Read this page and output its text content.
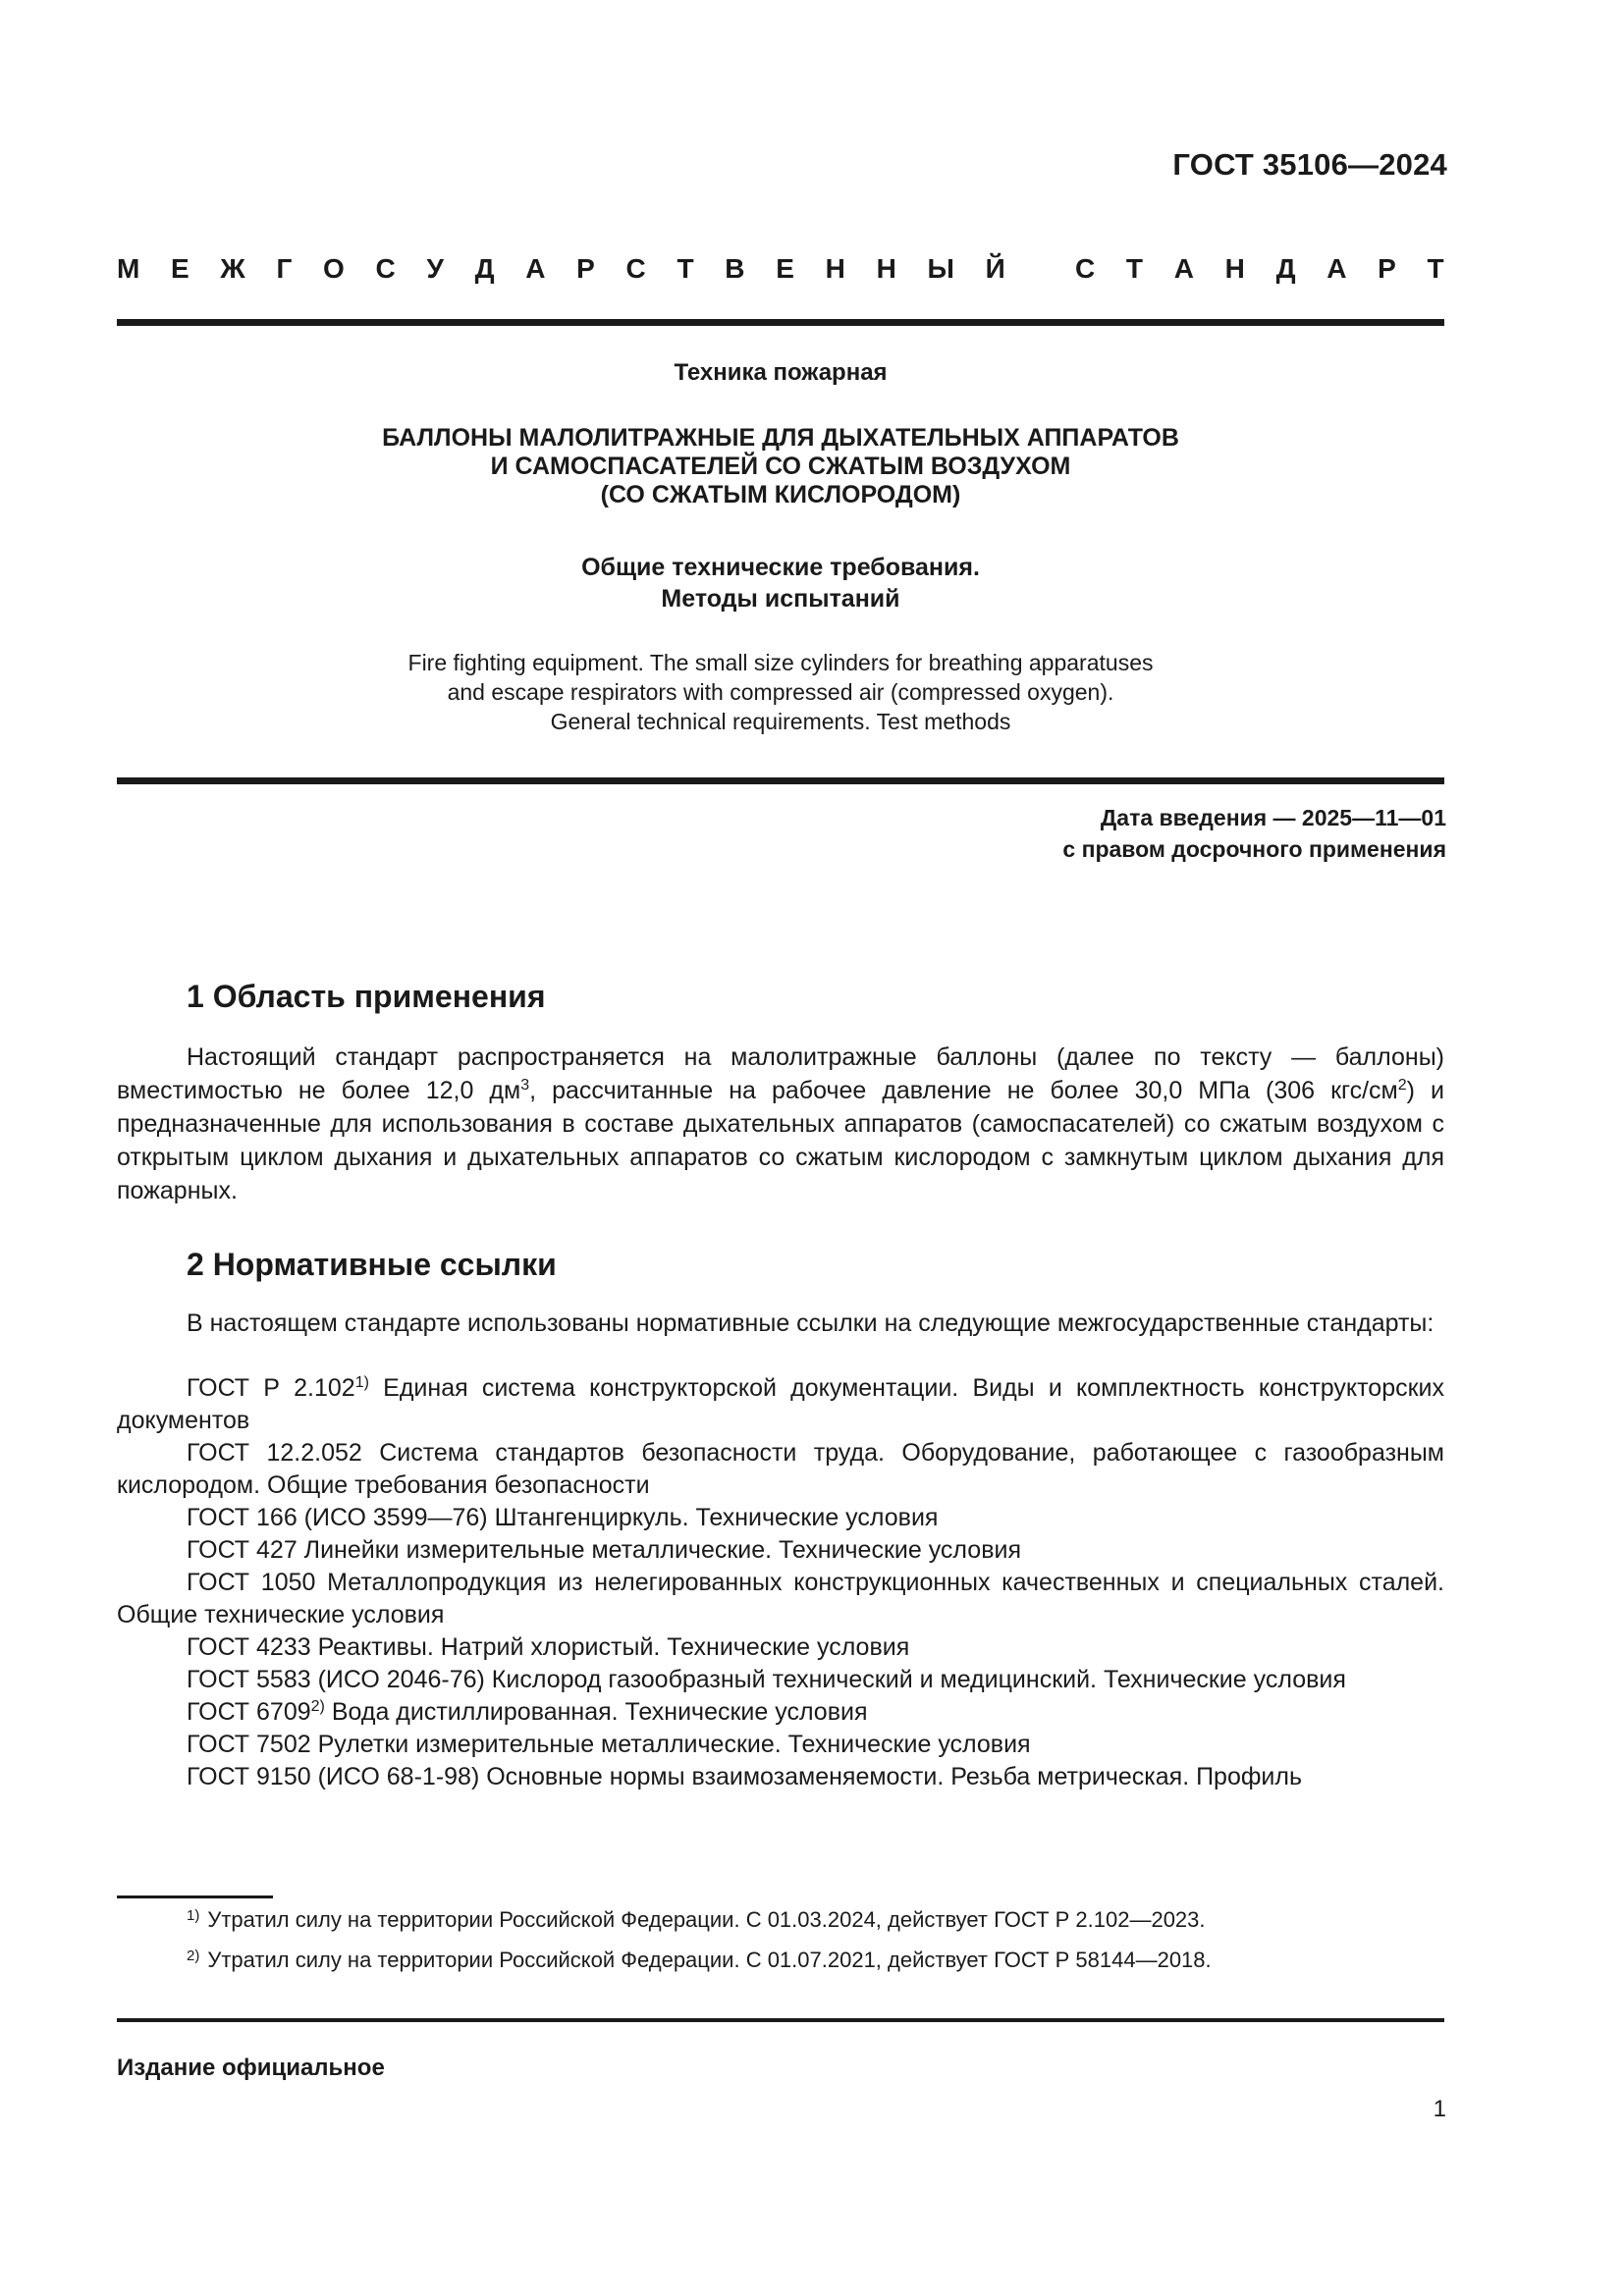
ГОСТ 35106—2024
М Е Ж Г О С У Д А Р С Т В Е Н Н Ы Й
	С Т А Н Д А Р Т
Техника пожарная
БАЛЛОНЫ МАЛОЛИТРАЖНЫЕ ДЛЯ ДЫХАТЕЛЬНЫХ АППАРАТОВ
И САМОСПАСАТЕЛЕЙ СО СЖАТЫМ ВОЗДУХОМ
(СО СЖАТЫМ КИСЛОРОДОМ)
Общие технические требования.
Методы испытаний
Fire fighting equipment. The small size cylinders for breathing apparatuses
and escape respirators with compressed air (compressed oxygen).
General technical requirements. Test methods
Дата введения — 2025—11—01
с правом досрочного применения
1 Область применения
Настоящий стандарт распространяется на малолитражные баллоны (далее по тексту — баллоны) вместимостью не более 12,0 $дм^3$, рассчитанные на рабочее давление не более 30,0 МПа (306 кгс/$см^2$) и предназначенные для использования в составе дыхательных аппаратов (самоспасателей) со сжатым воздухом с открытым циклом дыхания и дыхательных аппаратов со сжатым кислородом с замкнутым циклом дыхания для пожарных.
2 Нормативные ссылки
В настоящем стандарте использованы нормативные ссылки на следующие межгосударственные стандарты:
ГОСТ Р 2.102$^{1)}$ Единая система конструкторской документации. Виды и комплектность конструкторских документов
ГОСТ 12.2.052 Система стандартов безопасности труда. Оборудование, работающее с газообразным кислородом. Общие требования безопасности
ГОСТ 166 (ИСО 3599—76) Штангенциркуль. Технические условия
ГОСТ 427 Линейки измерительные металлические. Технические условия
ГОСТ 1050 Металлопродукция из нелегированных конструкционных качественных и специальных сталей. Общие технические условия
ГОСТ 4233 Реактивы. Натрий хлористый. Технические условия
ГОСТ 5583 (ИСО 2046-76) Кислород газообразный технический и медицинский. Технические условия
ГОСТ 6709$^{2)}$ Вода дистиллированная. Технические условия
ГОСТ 7502 Рулетки измерительные металлические. Технические условия
ГОСТ 9150 (ИСО 68-1-98) Основные нормы взаимозаменяемости. Резьба метрическая. Профиль
$^{1)}$ Утратил силу на территории Российской Федерации. С 01.03.2024, действует ГОСТ Р 2.102—2023.
$^{2)}$ Утратил силу на территории Российской Федерации. С 01.07.2021, действует ГОСТ Р 58144—2018.
Издание официальное
1
